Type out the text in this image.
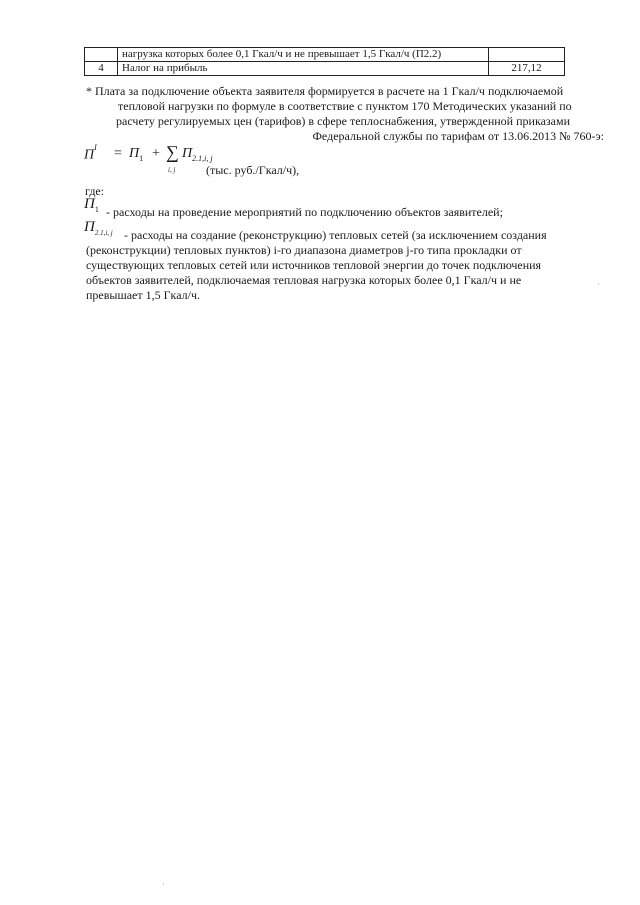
	нагрузка которых более 0,1 Гкал/ч и не превышает 1,5 Гкал/ч (П2.2)	
4	Налог на прибыль	217,12
* Плата за подключение объекта заявителя формируется в расчете на 1 Гкал/ч подключаемой
тепловой нагрузки по формуле в соответствие с пунктом 170 Методических указаний по
расчету регулируемых цен (тарифов) в сфере теплоснабжения, утвержденной приказами
Федеральной службы по тарифам от 13.06.2013 № 760-э:
$П^I = П_1$ + ∑
i, j
$П_{2.1,i, j}$
(тыс. руб./Гкал/ч),
где:
$П_1$ - расходы на проведение мероприятий по подключению объектов заявителей;
$П_{2.1,i, j}$ - расходы на создание (реконструкцию) тепловых сетей (за исключением создания
(реконструкции) тепловых пунктов) i-го диапазона диаметров j-го типа прокладки от
существующих тепловых сетей или источников тепловой энергии до точек подключения
объектов заявителей, подключаемая тепловая нагрузка которых более 0,1 Гкал/ч и не
превышает 1,5 Гкал/ч.
·
·
